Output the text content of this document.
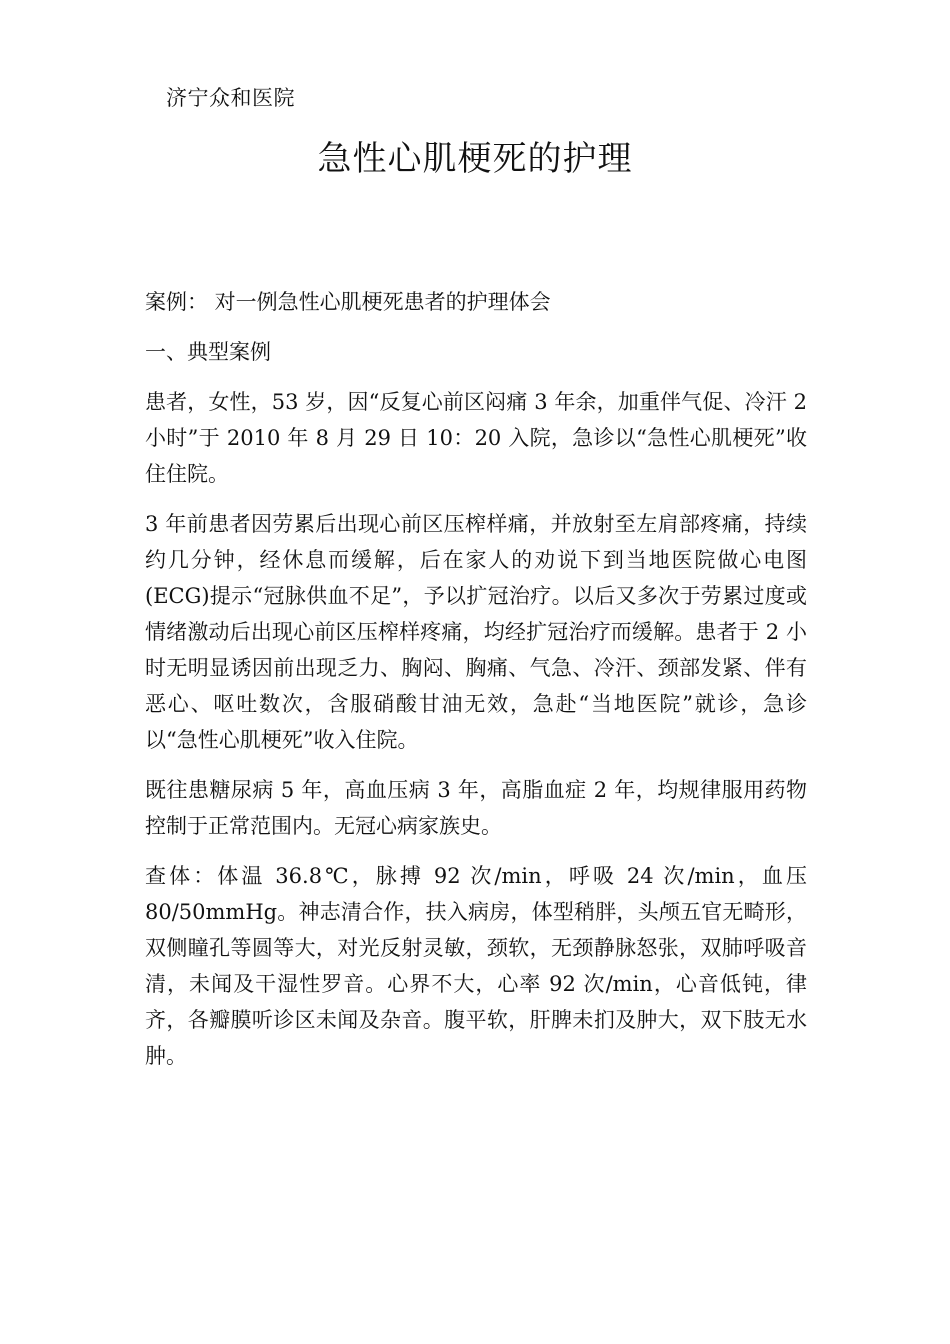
济宁众和医院
急性心肌梗死的护理

案例： 对一例急性心肌梗死患者的护理体会

一、典型案例

患者，女性，53 岁，因“反复心前区闷痛 3 年余，加重伴气促、冷汗 2 小时”于 2010 年 8 月 29 日 10：20 入院，急诊以“急性心肌梗死”收住住院。

3 年前患者因劳累后出现心前区压榨样痛，并放射至左肩部疼痛，持续约几分钟，经休息而缓解，后在家人的劝说下到当地医院做心电图(ECG)提示“冠脉供血不足”，予以扩冠治疗。以后又多次于劳累过度或情绪激动后出现心前区压榨样疼痛，均经扩冠治疗而缓解。患者于 2 小时无明显诱因前出现乏力、胸闷、胸痛、气急、冷汗、颈部发紧、伴有恶心、呕吐数次，含服硝酸甘油无效，急赴“当地医院”就诊，急诊以“急性心肌梗死”收入住院。

既往患糖尿病 5 年，高血压病 3 年，高脂血症 2 年，均规律服用药物控制于正常范围内。无冠心病家族史。

查体：体温 36.8℃，脉搏 92 次/min，呼吸 24 次/min，血压 80/50mmHg。神志清合作，扶入病房，体型稍胖，头颅五官无畸形，双侧瞳孔等圆等大，对光反射灵敏，颈软，无颈静脉怒张，双肺呼吸音清，未闻及干湿性罗音。心界不大，心率 92 次/min，心音低钝，律齐，各瓣膜听诊区未闻及杂音。腹平软，肝脾未扪及肿大，双下肢无水肿。
